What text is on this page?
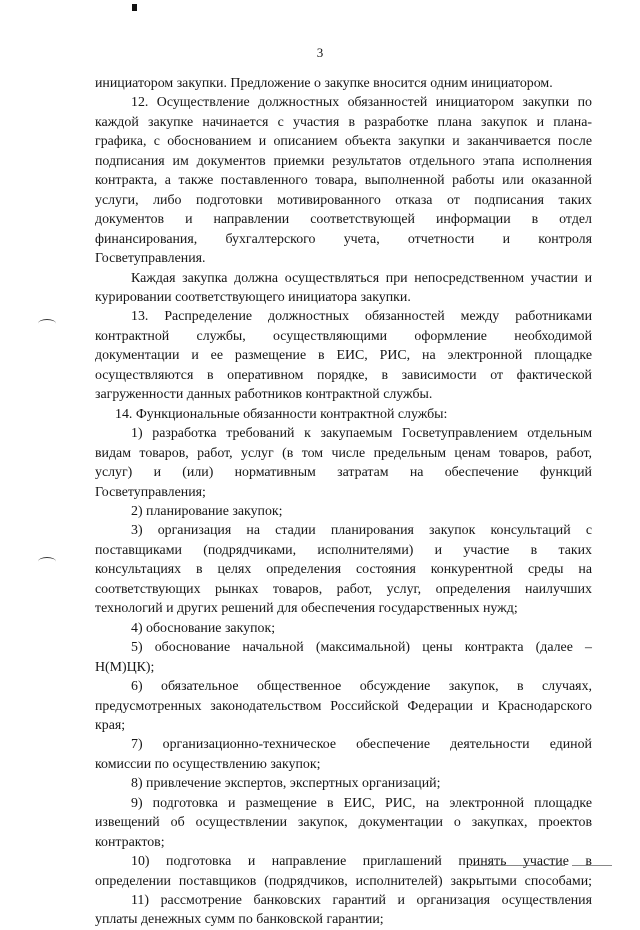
3

инициатором закупки. Предложение о закупке вносится одним инициатором.

12. Осуществление должностных обязанностей инициатором закупки по

каждой закупке начинается с участия в разработке плана закупок и плана-

графика, с обоснованием и описанием объекта закупки и заканчивается после

подписания им документов приемки результатов отдельного этапа исполнения

контракта, а также поставленного товара, выполненной работы или оказанной

услуги, либо подготовки мотивированного отказа от подписания таких

документов и направлении соответствующей информации в отдел

финансирования, бухгалтерского учета, отчетности и контроля

Госветуправления.

Каждая закупка должна осуществляться при непосредственном участии и

курировании соответствующего инициатора закупки.

13. Распределение должностных обязанностей между работниками

контрактной службы, осуществляющими оформление необходимой

документации и ее размещение в ЕИС, РИС, на электронной площадке

осуществляются в оперативном порядке, в зависимости от фактической

загруженности данных работников контрактной службы.

14. Функциональные обязанности контрактной службы:

1) разработка требований к закупаемым Госветуправлением отдельным

видам товаров, работ, услуг (в том числе предельным ценам товаров, работ,

услуг) и (или) нормативным затратам на обеспечение функций

Госветуправления;

2) планирование закупок;

3) организация на стадии планирования закупок консультаций с

поставщиками (подрядчиками, исполнителями) и участие в таких

консультациях в целях определения состояния конкурентной среды на

соответствующих рынках товаров, работ, услуг, определения наилучших

технологий и других решений для обеспечения государственных нужд;

4) обоснование закупок;

5) обоснование начальной (максимальной) цены контракта (далее –

Н(М)ЦК);

6) обязательное общественное обсуждение закупок, в случаях,

предусмотренных законодательством Российской Федерации и Краснодарского

края;

7) организационно-техническое обеспечение деятельности единой

комиссии по осуществлению закупок;

8) привлечение экспертов, экспертных организаций;

9) подготовка и размещение в ЕИС, РИС, на электронной площадке

извещений об осуществлении закупок, документации о закупках, проектов

контрактов;

10) подготовка и направление приглашений принять участие в

определении поставщиков (подрядчиков, исполнителей) закрытыми способами;

11) рассмотрение банковских гарантий и организация осуществления

уплаты денежных сумм по банковской гарантии;
